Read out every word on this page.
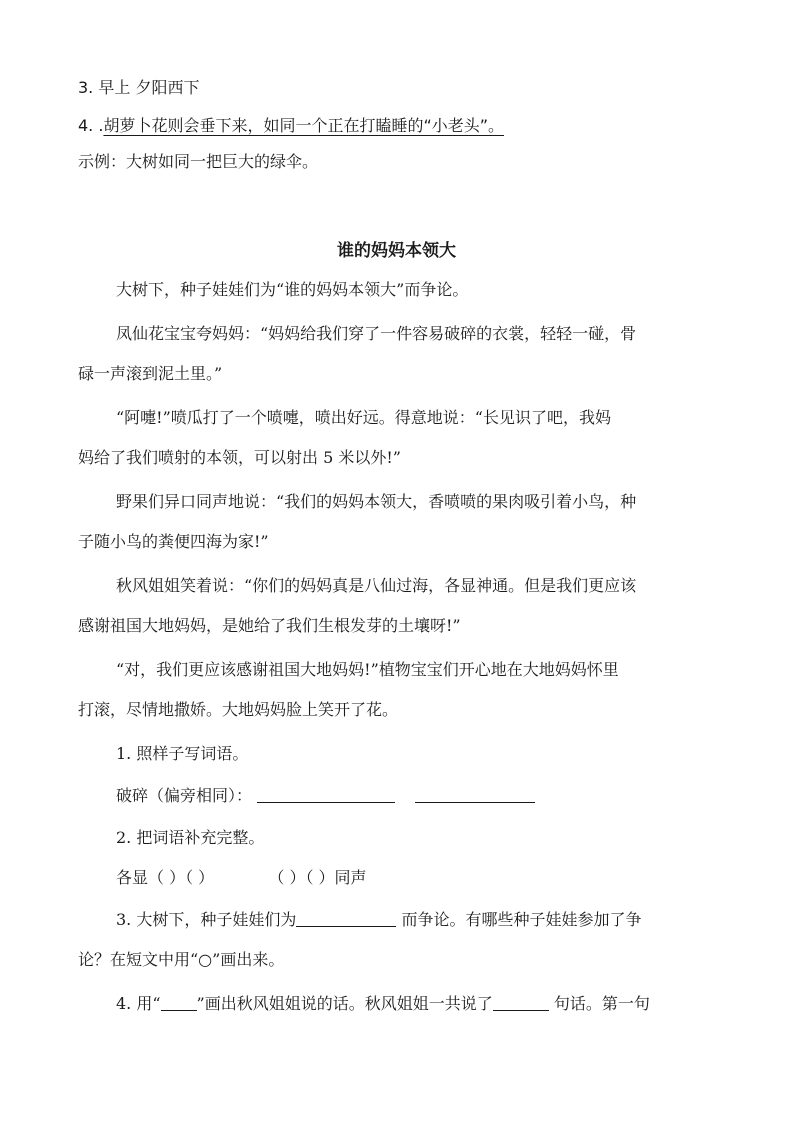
3. 早上 夕阳西下
4. .胡萝卜花则会垂下来，如同一个正在打瞌睡的“小老头”。
示例：大树如同一把巨大的绿伞。
谁的妈妈本领大
大树下，种子娃娃们为“谁的妈妈本领大”而争论。
凤仙花宝宝夸妈妈：“妈妈给我们穿了一件容易破碎的衣裳，轻轻一碰，骨
碌一声滚到泥土里。”
“阿嚏!”喷瓜打了一个喷嚏，喷出好远。得意地说：“长见识了吧，我妈
妈给了我们喷射的本领，可以射出 5 米以外!”
野果们异口同声地说：“我们的妈妈本领大，香喷喷的果肉吸引着小鸟，种
子随小鸟的粪便四海为家!”
秋风姐姐笑着说：“你们的妈妈真是八仙过海，各显神通。但是我们更应该
感谢祖国大地妈妈，是她给了我们生根发芽的土壤呀!”
“对，我们更应该感谢祖国大地妈妈!”植物宝宝们开心地在大地妈妈怀里
打滚，尽情地撒娇。大地妈妈脸上笑开了花。
1. 照样子写词语。
破碎（偏旁相同）：
2. 把词语补充完整。
各显（ ）（ ）	（ ）（ ）同声
3. 大树下，种子娃娃们为	而争论。有哪些种子娃娃参加了争
论？在短文中用“○”画出来。
4. 用“ ”画出秋风姐姐说的话。秋风姐姐一共说了	句话。第一句
